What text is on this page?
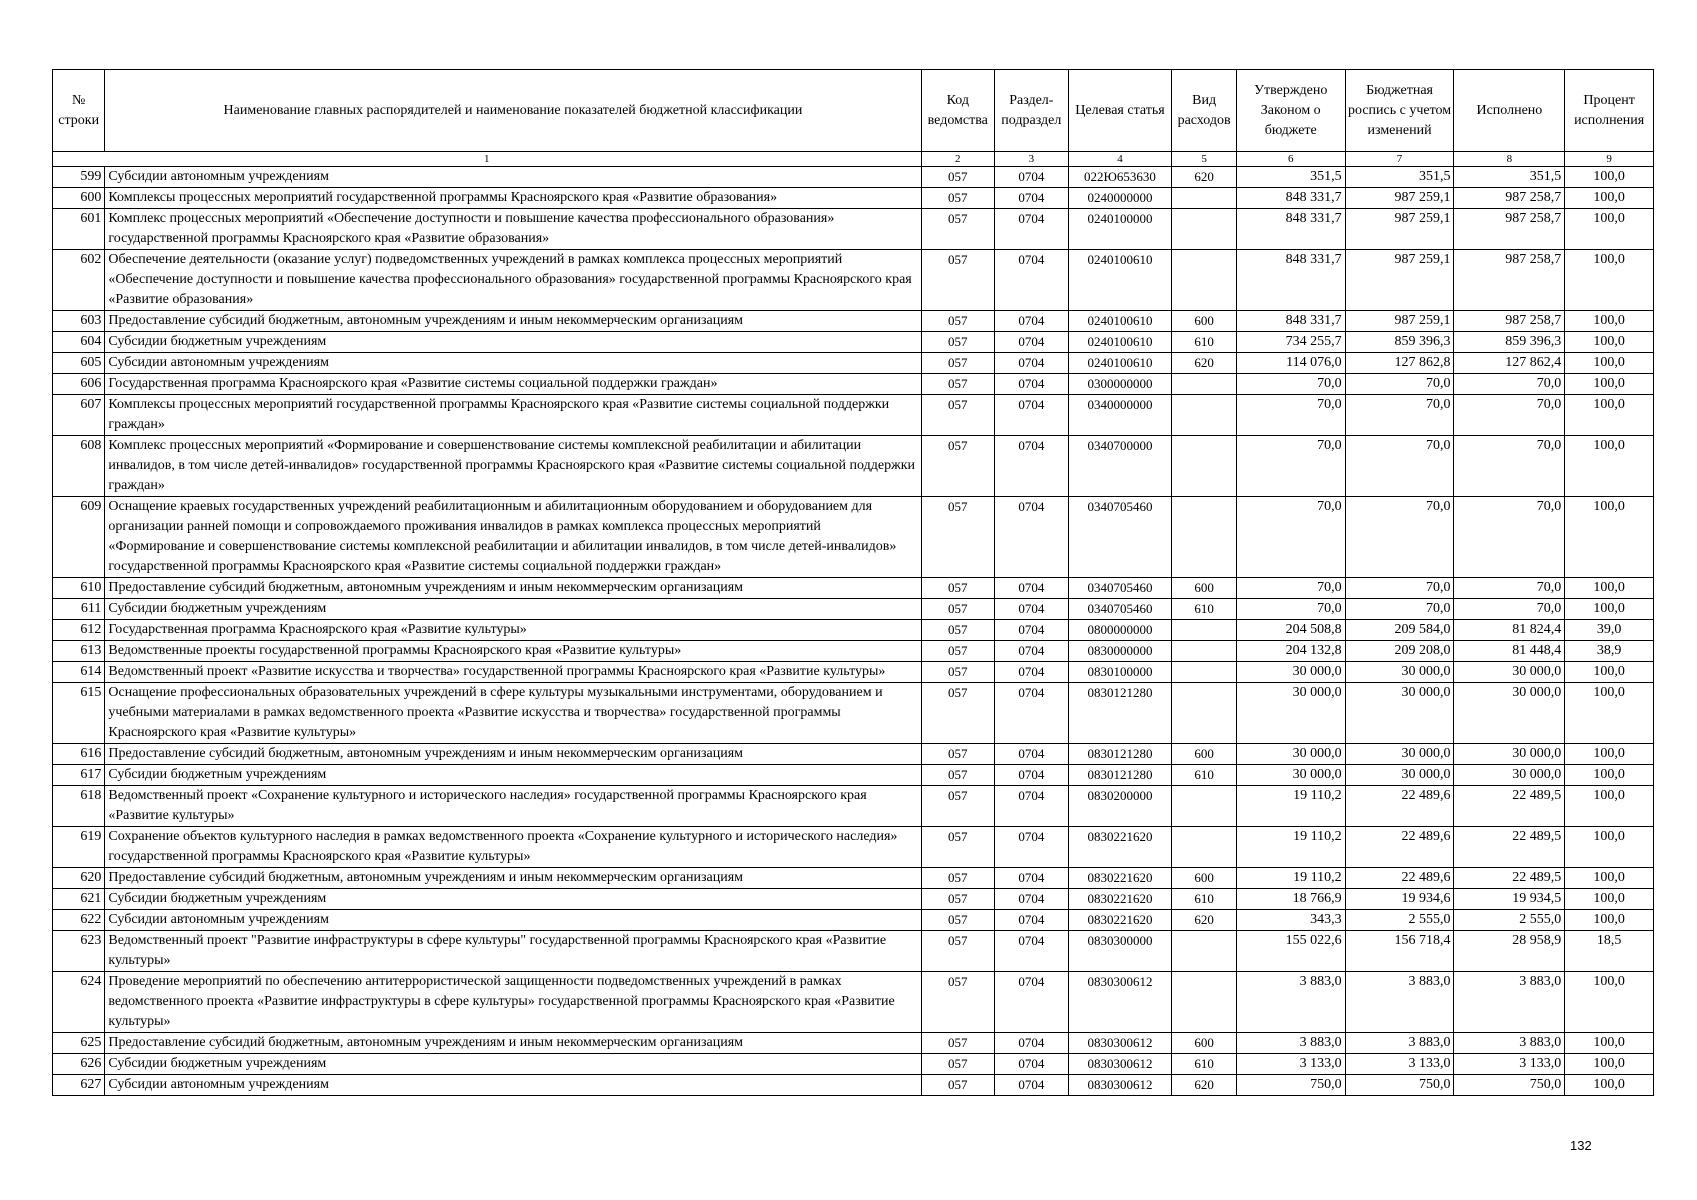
№ строки	Наименование главных распорядителей и наименование показателей бюджетной классификации	Код ведомства	Раздел-подраздел	Целевая статья	Вид расходов	Утверждено Законом о бюджете	Бюджетная роспись с учетом изменений	Исполнено	Процент исполнения
1		2	3	4	5	6	7	8	9
599	Субсидии автономным учреждениям	057	0704	022Ю653630	620	351,5	351,5	351,5	100,0
600	Комплексы процессных мероприятий государственной программы Красноярского края «Развитие образования»	057	0704	0240000000		848 331,7	987 259,1	987 258,7	100,0
601	Комплекс процессных мероприятий «Обеспечение доступности и повышение качества профессионального образования» государственной программы Красноярского края «Развитие образования»	057	0704	0240100000		848 331,7	987 259,1	987 258,7	100,0
602	Обеспечение деятельности (оказание услуг) подведомственных учреждений в рамках комплекса процессных мероприятий «Обеспечение доступности и повышение качества профессионального образования» государственной программы Красноярского края «Развитие образования»	057	0704	0240100610		848 331,7	987 259,1	987 258,7	100,0
603	Предоставление субсидий бюджетным, автономным учреждениям и иным некоммерческим организациям	057	0704	0240100610	600	848 331,7	987 259,1	987 258,7	100,0
604	Субсидии бюджетным учреждениям	057	0704	0240100610	610	734 255,7	859 396,3	859 396,3	100,0
605	Субсидии автономным учреждениям	057	0704	0240100610	620	114 076,0	127 862,8	127 862,4	100,0
606	Государственная программа Красноярского края «Развитие системы социальной поддержки граждан»	057	0704	0300000000		70,0	70,0	70,0	100,0
607	Комплексы процессных мероприятий государственной программы Красноярского края «Развитие системы социальной поддержки граждан»	057	0704	0340000000		70,0	70,0	70,0	100,0
608	Комплекс процессных мероприятий «Формирование и совершенствование системы комплексной реабилитации и абилитации инвалидов, в том числе детей-инвалидов» государственной программы Красноярского края «Развитие системы социальной поддержки граждан»	057	0704	0340700000		70,0	70,0	70,0	100,0
609	Оснащение краевых государственных учреждений реабилитационным и абилитационным оборудованием и оборудованием для организации ранней помощи и сопровождаемого проживания инвалидов в рамках комплекса процессных мероприятий «Формирование и совершенствование системы комплексной реабилитации и абилитации инвалидов, в том числе детей-инвалидов» государственной программы Красноярского края «Развитие системы социальной поддержки граждан»	057	0704	0340705460		70,0	70,0	70,0	100,0
610	Предоставление субсидий бюджетным, автономным учреждениям и иным некоммерческим организациям	057	0704	0340705460	600	70,0	70,0	70,0	100,0
611	Субсидии бюджетным учреждениям	057	0704	0340705460	610	70,0	70,0	70,0	100,0
612	Государственная программа Красноярского края «Развитие культуры»	057	0704	0800000000		204 508,8	209 584,0	81 824,4	39,0
613	Ведомственные проекты государственной программы Красноярского края «Развитие культуры»	057	0704	0830000000		204 132,8	209 208,0	81 448,4	38,9
614	Ведомственный проект «Развитие искусства и творчества» государственной программы Красноярского края «Развитие культуры»	057	0704	0830100000		30 000,0	30 000,0	30 000,0	100,0
615	Оснащение профессиональных образовательных учреждений в сфере культуры музыкальными инструментами, оборудованием и учебными материалами в рамках ведомственного проекта «Развитие искусства и творчества» государственной программы Красноярского края «Развитие культуры»	057	0704	0830121280		30 000,0	30 000,0	30 000,0	100,0
616	Предоставление субсидий бюджетным, автономным учреждениям и иным некоммерческим организациям	057	0704	0830121280	600	30 000,0	30 000,0	30 000,0	100,0
617	Субсидии бюджетным учреждениям	057	0704	0830121280	610	30 000,0	30 000,0	30 000,0	100,0
618	Ведомственный проект «Сохранение культурного и исторического наследия» государственной программы Красноярского края «Развитие культуры»	057	0704	0830200000		19 110,2	22 489,6	22 489,5	100,0
619	Сохранение объектов культурного наследия в рамках ведомственного проекта «Сохранение культурного и исторического наследия» государственной программы Красноярского края «Развитие культуры»	057	0704	0830221620		19 110,2	22 489,6	22 489,5	100,0
620	Предоставление субсидий бюджетным, автономным учреждениям и иным некоммерческим организациям	057	0704	0830221620	600	19 110,2	22 489,6	22 489,5	100,0
621	Субсидии бюджетным учреждениям	057	0704	0830221620	610	18 766,9	19 934,6	19 934,5	100,0
622	Субсидии автономным учреждениям	057	0704	0830221620	620	343,3	2 555,0	2 555,0	100,0
623	Ведомственный проект "Развитие инфраструктуры в сфере культуры" государственной программы Красноярского края «Развитие культуры»	057	0704	0830300000		155 022,6	156 718,4	28 958,9	18,5
624	Проведение мероприятий по обеспечению антитеррористической защищенности подведомственных учреждений в рамках ведомственного проекта «Развитие инфраструктуры в сфере культуры» государственной программы Красноярского края «Развитие культуры»	057	0704	0830300612		3 883,0	3 883,0	3 883,0	100,0
625	Предоставление субсидий бюджетным, автономным учреждениям и иным некоммерческим организациям	057	0704	0830300612	600	3 883,0	3 883,0	3 883,0	100,0
626	Субсидии бюджетным учреждениям	057	0704	0830300612	610	3 133,0	3 133,0	3 133,0	100,0
627	Субсидии автономным учреждениям	057	0704	0830300612	620	750,0	750,0	750,0	100,0
132
